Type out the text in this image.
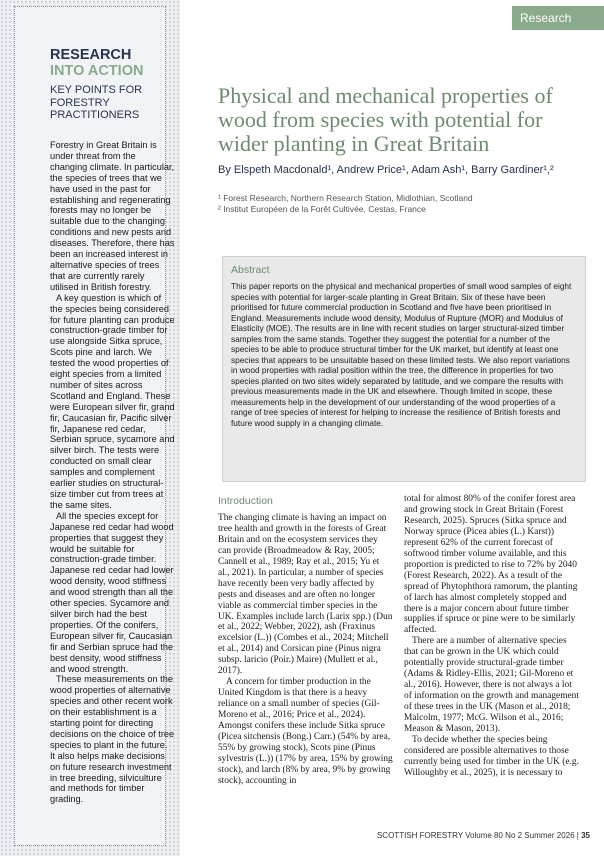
Research
RESEARCH
INTO ACTION
KEY POINTS FOR FORESTRY PRACTITIONERS

Forestry in Great Britain is under threat from the changing climate. In particular, the species of trees that we have used in the past for establishing and regenerating forests may no longer be suitable due to the changing conditions and new pests and diseases. Therefore, there has been an increased interest in alternative species of trees that are currently rarely utilised in British forestry.

A key question is which of the species being considered for future planting can produce construction-grade timber for use alongside Sitka spruce, Scots pine and larch. We tested the wood properties of eight species from a limited number of sites across Scotland and England. These were European silver fir, grand fir, Caucasian fir, Pacific silver fir, Japanese red cedar, Serbian spruce, sycamore and silver birch. The tests were conducted on small clear samples and complement earlier studies on structural-size timber cut from trees at the same sites.

All the species except for Japanese red cedar had wood properties that suggest they would be suitable for construction-grade timber. Japanese red cedar had lower wood density, wood stiffness and wood strength than all the other species. Sycamore and silver birch had the best properties. Of the conifers, European silver fir, Caucasian fir and Serbian spruce had the best density, wood stiffness and wood strength.

These measurements on the wood properties of alternative species and other recent work on their establishment is a starting point for directing decisions on the choice of tree species to plant in the future. It also helps make decisions on future research investment in tree breeding, silviculture and methods for timber grading.

Physical and mechanical properties of wood from species with potential for wider planting in Great Britain
By Elspeth Macdonald¹, Andrew Price¹, Adam Ash¹, Barry Gardiner¹,²
¹ Forest Research, Northern Research Station, Midlothian, Scotland
² Institut Européen de la Forêt Cultivée, Cestas, France
Abstract

This paper reports on the physical and mechanical properties of small wood samples of eight species with potential for larger-scale planting in Great Britain. Six of these have been prioritised for future commercial production in Scotland and five have been prioritised in England. Measurements include wood density, Modulus of Rupture (MOR) and Modulus of Elasticity (MOE). The results are in line with recent studies on larger structural-sized timber samples from the same stands. Together they suggest the potential for a number of the species to be able to produce structural timber for the UK market, but identify at least one species that appears to be unsuitable based on these limited tests. We also report variations in wood properties with radial position within the tree, the difference in properties for two species planted on two sites widely separated by latitude, and we compare the results with previous measurements made in the UK and elsewhere. Though limited in scope, these measurements help in the development of our understanding of the wood properties of a range of tree species of interest for helping to increase the resilience of British forests and future wood supply in a changing climate.

Introduction

The changing climate is having an impact on tree health and growth in the forests of Great Britain and on the ecosystem services they can provide (Broadmeadow & Ray, 2005; Cannell et al., 1989; Ray et al., 2015; Yu et al., 2021). In particular, a number of species have recently been very badly affected by pests and diseases and are often no longer viable as commercial timber species in the UK. Examples include larch (Larix spp.) (Dun et al., 2022; Webber, 2022), ash (Fraxinus excelsior (L.)) (Combes et al., 2024; Mitchell et al., 2014) and Corsican pine (Pinus nigra subsp. laricio (Poir.) Maire) (Mullett et al., 2017).

A concern for timber production in the United Kingdom is that there is a heavy reliance on a small number of species (Gil-Moreno et al., 2016; Price et al., 2024). Amongst conifers these include Sitka spruce (Picea sitchensis (Bong.) Carr.) (54% by area, 55% by growing stock), Scots pine (Pinus sylvestris (L.)) (17% by area, 15% by growing stock), and larch (8% by area, 9% by growing stock), accounting in

total for almost 80% of the conifer forest area and growing stock in Great Britain (Forest Research, 2025). Spruces (Sitka spruce and Norway spruce (Picea abies (L.) Karst)) represent 62% of the current forecast of softwood timber volume available, and this proportion is predicted to rise to 72% by 2040 (Forest Research, 2022). As a result of the spread of Phytophthora ramorum, the planting of larch has almost completely stopped and there is a major concern about future timber supplies if spruce or pine were to be similarly affected.

There are a number of alternative species that can be grown in the UK which could potentially provide structural-grade timber (Adams & Ridley-Ellis, 2021; Gil-Moreno et al., 2016). However, there is not always a lot of information on the growth and management of these trees in the UK (Mason et al., 2018; Malcolm, 1977; McG. Wilson et al., 2016; Meason & Mason, 2013).

To decide whether the species being considered are possible alternatives to those currently being used for timber in the UK (e.g. Willoughby et al., 2025), it is necessary to

SCOTTISH FORESTRY Volume 80 No 2 Summer 2026 | 35
